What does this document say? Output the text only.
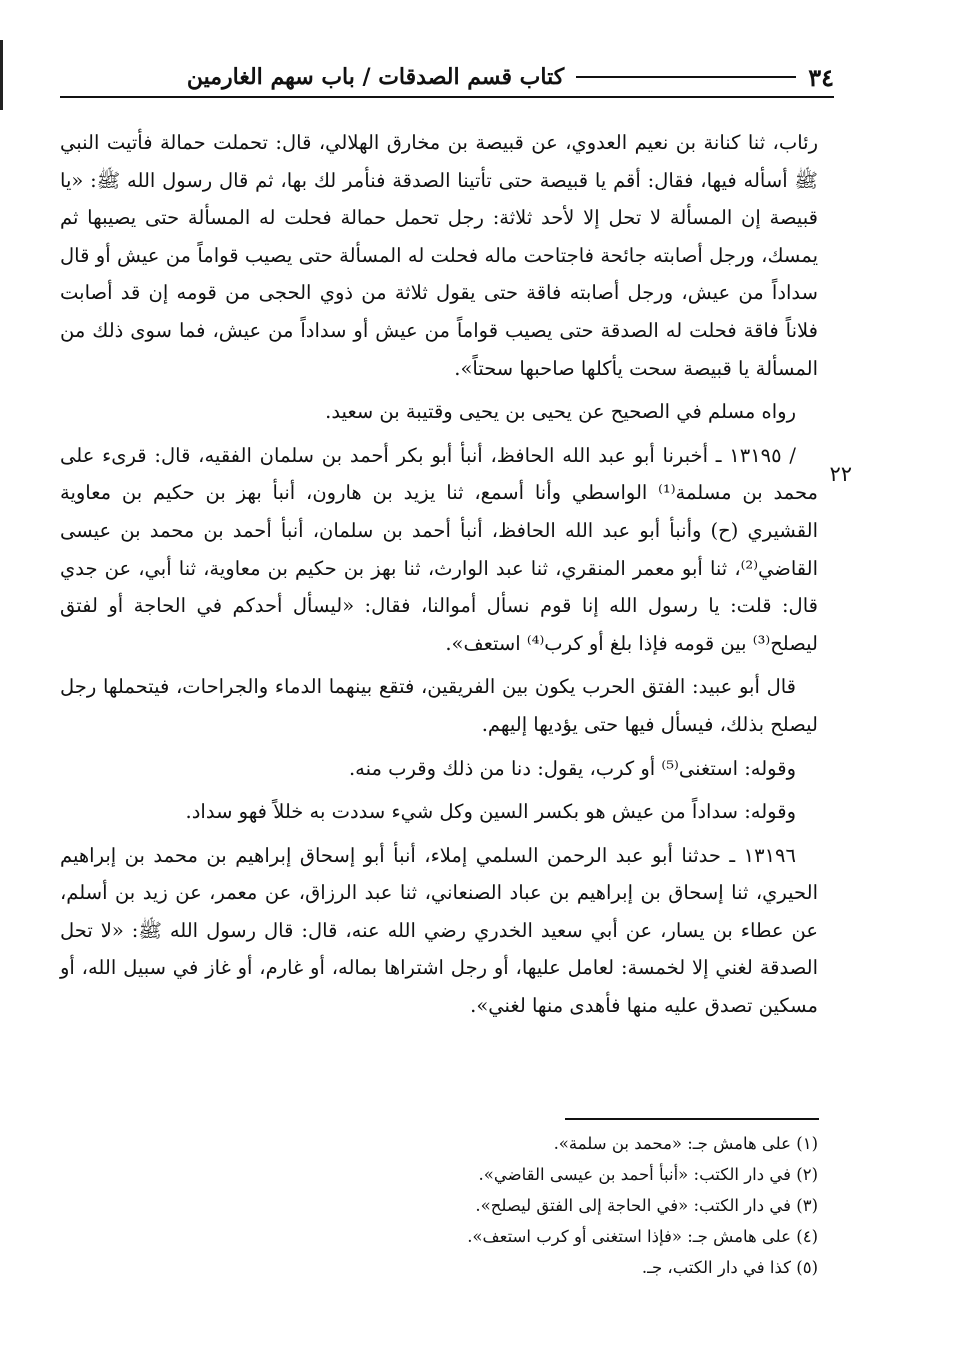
٣٤
كتاب قسم الصدقات / باب سهم الغارمين
٢٢

رئاب، ثنا كنانة بن نعيم العدوي، عن قبيصة بن مخارق الهلالي، قال: تحملت حمالة فأتيت النبي ﷺ أسأله فيها، فقال: أقم يا قبيصة حتى تأتينا الصدقة فنأمر لك بها، ثم قال رسول الله ﷺ: «يا قبيصة إن المسألة لا تحل إلا لأحد ثلاثة: رجل تحمل حمالة فحلت له المسألة حتى يصيبها ثم يمسك، ورجل أصابته جائحة فاجتاحت ماله فحلت له المسألة حتى يصيب قواماً من عيش أو قال سداداً من عيش، ورجل أصابته فاقة حتى يقول ثلاثة من ذوي الحجى من قومه إن قد أصابت فلاناً فاقة فحلت له الصدقة حتى يصيب قواماً من عيش أو سداداً من عيش، فما سوى ذلك من المسألة يا قبيصة سحت يأكلها صاحبها سحتاً».

رواه مسلم في الصحيح عن يحيى بن يحيى وقتيبة بن سعيد.

/ ١٣١٩٥ ـ أخبرنا أبو عبد الله الحافظ، أنبأ أبو بكر أحمد بن سلمان الفقيه، قال: قرىء على محمد بن مسلمة⁽¹⁾ الواسطي وأنا أسمع، ثنا يزيد بن هارون، أنبأ بهز بن حكيم بن معاوية القشيري (ح) وأنبأ أبو عبد الله الحافظ، أنبأ أحمد بن سلمان، أنبأ أحمد بن محمد بن عيسى القاضي⁽²⁾، ثنا أبو معمر المنقري، ثنا عبد الوارث، ثنا بهز بن حكيم بن معاوية، ثنا أبي، عن جدي قال: قلت: يا رسول الله إنا قوم نسأل أموالنا، فقال: «ليسأل أحدكم في الحاجة أو لفتق ليصلح⁽³⁾ بين قومه فإذا بلغ أو كرب⁽⁴⁾ استعف».

قال أبو عبيد: الفتق الحرب يكون بين الفريقين، فتقع بينهما الدماء والجراحات، فيتحملها رجل ليصلح بذلك، فيسأل فيها حتى يؤديها إليهم.

وقوله: استغنى⁽⁵⁾ أو كرب، يقول: دنا من ذلك وقرب منه.

وقوله: سداداً من عيش هو بكسر السين وكل شيء سددت به خللاً فهو سداد.

١٣١٩٦ ـ حدثنا أبو عبد الرحمن السلمي إملاء، أنبأ أبو إسحاق إبراهيم بن محمد بن إبراهيم الحيري، ثنا إسحاق بن إبراهيم بن عباد الصنعاني، ثنا عبد الرزاق، عن معمر، عن زيد بن أسلم، عن عطاء بن يسار، عن أبي سعيد الخدري رضي الله عنه، قال: قال رسول الله ﷺ: «لا تحل الصدقة لغني إلا لخمسة: لعامل عليها، أو رجل اشتراها بماله، أو غارم، أو غاز في سبيل الله، أو مسكين تصدق عليه منها فأهدى منها لغني».

(١) على هامش جـ: «محمد بن سلمة».
(٢) في دار الكتب: «أنبأ أحمد بن عيسى القاضي».
(٣) في دار الكتب: «في الحاجة إلى الفتق ليصلح».
(٤) على هامش جـ: «فإذا استغنى أو كرب استعف».
(٥) كذا في دار الكتب، جـ.
